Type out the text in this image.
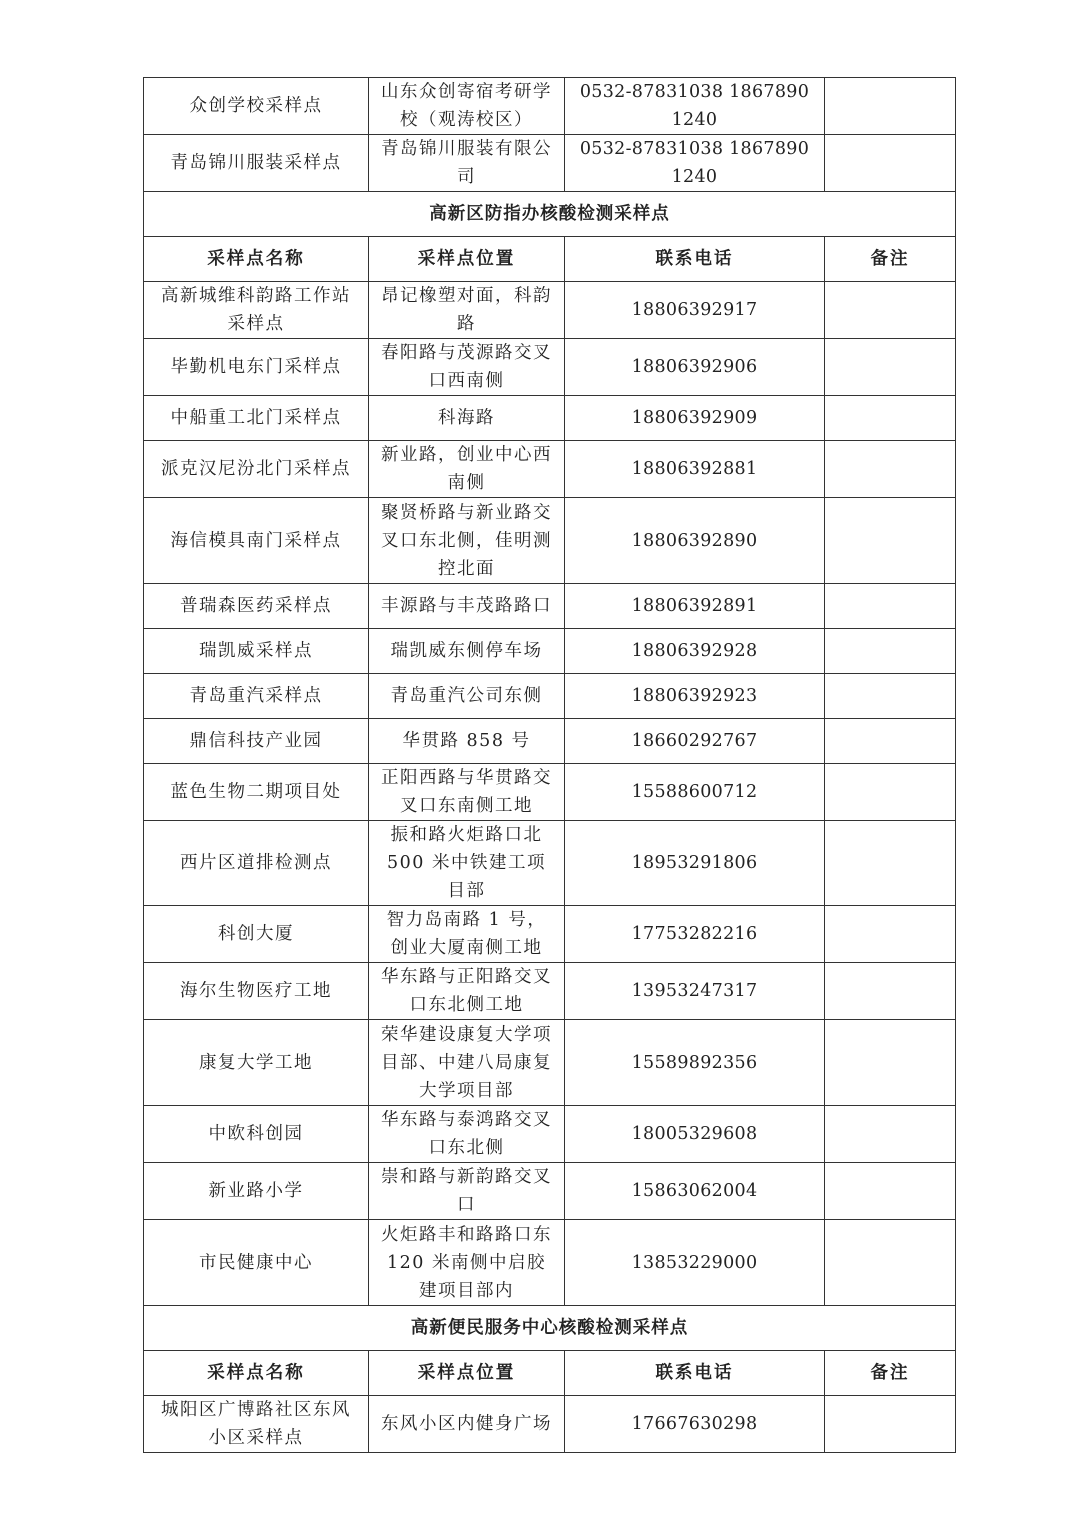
众创学校采样点	山东众创寄宿考研学校（观涛校区）	0532-87831038 18678901240	
青岛锦川服装采样点	青岛锦川服装有限公司	0532-87831038 18678901240	
高新区防指办核酸检测采样点			
采样点名称	采样点位置	联系电话	备注
高新城维科韵路工作站采样点	昂记橡塑对面，科韵路	18806392917	
毕勤机电东门采样点	春阳路与茂源路交叉口西南侧	18806392906	
中船重工北门采样点	科海路	18806392909	
派克汉尼汾北门采样点	新业路，创业中心西南侧	18806392881	
海信模具南门采样点	聚贤桥路与新业路交叉口东北侧，佳明测控北面	18806392890	
普瑞森医药采样点	丰源路与丰茂路路口	18806392891	
瑞凯威采样点	瑞凯威东侧停车场	18806392928	
青岛重汽采样点	青岛重汽公司东侧	18806392923	
鼎信科技产业园	华贯路 858 号	18660292767	
蓝色生物二期项目处	正阳西路与华贯路交叉口东南侧工地	15588600712	
西片区道排检测点	振和路火炬路口北 500 米中铁建工项目部	18953291806	
科创大厦	智力岛南路 1 号，创业大厦南侧工地	17753282216	
海尔生物医疗工地	华东路与正阳路交叉口东北侧工地	13953247317	
康复大学工地	荣华建设康复大学项目部、中建八局康复大学项目部	15589892356	
中欧科创园	华东路与泰鸿路交叉口东北侧	18005329608	
新业路小学	崇和路与新韵路交叉口	15863062004	
市民健康中心	火炬路丰和路路口东 120 米南侧中启胶建项目部内	13853229000	
高新便民服务中心核酸检测采样点			
采样点名称	采样点位置	联系电话	备注
城阳区广博路社区东风小区采样点	东风小区内健身广场	17667630298	
